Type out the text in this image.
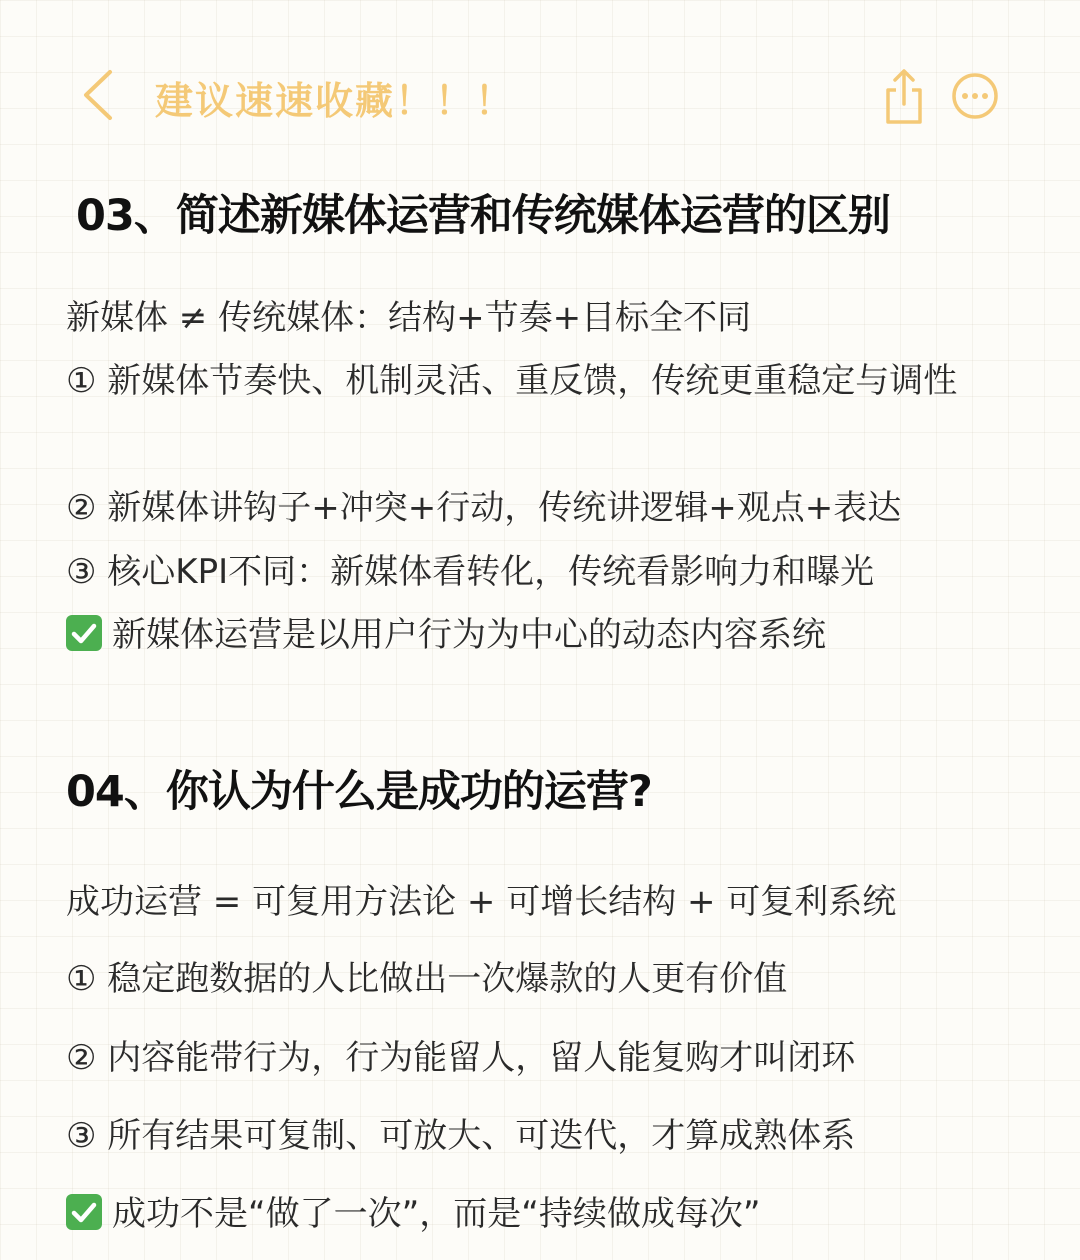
建议速速收藏！！！
03、简述新媒体运营和传统媒体运营的区别
新媒体 ≠ 传统媒体：结构+节奏+目标全不同
① 新媒体节奏快、机制灵活、重反馈，传统更重稳定与调性
② 新媒体讲钩子+冲突+行动，传统讲逻辑+观点+表达
③ 核心KPI不同：新媒体看转化，传统看影响力和曝光
新媒体运营是以用户行为为中心的动态内容系统
04、你认为什么是成功的运营?
成功运营 = 可复用方法论 + 可增长结构 + 可复利系统
① 稳定跑数据的人比做出一次爆款的人更有价值
② 内容能带行为，行为能留人，留人能复购才叫闭环
③ 所有结果可复制、可放大、可迭代，才算成熟体系
成功不是“做了一次”，而是“持续做成每次”
